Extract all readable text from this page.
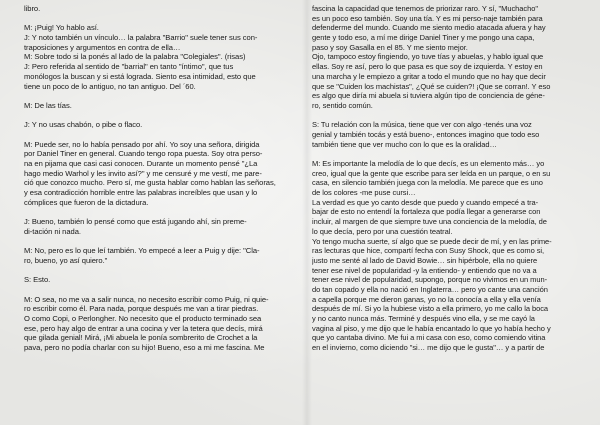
libro.
M: ¡Puig! Yo hablo así.
J: Y noto también un vínculo… la palabra "Barrio" suele tener sus con-
traposiciones y argumentos en contra de ella…
M: Sobre todo si la ponés al lado de la palabra "Colegiales". (risas)
J: Pero referida al sentido de "barrial" en tanto "íntimo", que tus
monólogos la buscan y si está lograda. Siento esa intimidad, esto que
tiene un poco de lo antiguo, no tan antiguo. Del ´60.
M: De las tías.
J: Y no usas chabón, o pibe o flaco.
M: Puede ser, no lo había pensado por ahí. Yo soy una señora, dirigida
por Daniel Tiner en general. Cuando tengo ropa puesta. Soy otra perso-
na en pijama que casi casi conocen. Durante un momento pensé "¿La
hago medio Warhol y les invito así?" y me censuré y me vestí, me pare-
ció que conozco mucho. Pero sí, me gusta hablar como hablan las señoras,
y esa contradicción horrible entre las palabras increíbles que usan y lo
cómplices que fueron de la dictadura.
J: Bueno, también lo pensé como que está jugando ahí, sin preme-
di-tación ni nada.
M: No, pero es lo que leí también. Yo empecé a leer a Puig y dije: "Cla-
ro, bueno, yo así quiero."
S: Esto.
M: O sea, no me va a salir nunca, no necesito escribir como Puig, ni quie-
ro escribir como él. Para nada, porque después me van a tirar piedras.
O como Copi, o Perlongher. No necesito que el producto terminado sea
ese, pero hay algo de entrar a una cocina y ver la tetera que decís, mirá
que gilada genial! Mirá, ¡Mi abuela le ponía sombrerito de Crochet a la
pava, pero no podía charlar con su hijo! Bueno, eso a mi me fascina. Me
fascina la capacidad que tenemos de priorizar raro. Y sí, "Muchacho"
es un poco eso también. Soy una tía. Y es mi perso-naje también para
defenderme del mundo. Cuando me siento medio atacada afuera y hay
gente y todo eso, a mí me dirige Daniel Tiner y me pongo una capa,
paso y soy Gasalla en el 85. Y me siento mejor.
Ojo, tampoco estoy fingiendo, yo tuve tías y abuelas, y hablo igual que
ellas. Soy re así, pero lo que pasa es que soy de izquierda. Y estoy en
una marcha y le empiezo a gritar a todo el mundo que no hay que decir
que se "Cuiden los machistas", ¿Qué se cuiden?! ¡Que se corran!. Y eso
es algo que diría mi abuela si tuviera algún tipo de conciencia de géne-
ro, sentido común.
S: Tu relación con la música, tiene que ver con algo -tenés una voz
genial y también tocás y está bueno-, entonces imagino que todo eso
también tiene que ver mucho con lo que es la oralidad…
M: Es importante la melodía de lo que decís, es un elemento más… yo
creo, igual que la gente que escribe para ser leída en un parque, o en su
casa, en silencio también juega con la melodía. Me parece que es uno
de los colores -me puse cursi…
La verdad es que yo canto desde que puedo y cuando empecé a tra-
bajar de esto no entendí la fortaleza que podía llegar a generarse con
incluir, al margen de que siempre tuve una conciencia de la melodía, de
lo que decía, pero por una cuestión teatral.
Yo tengo mucha suerte, sí algo que se puede decir de mí, y en las prime-
ras lecturas que hice, compartí fecha con Susy Shock, que es como si,
justo me senté al lado de David Bowie… sin hipérbole, ella no quiere
tener ese nivel de popularidad -y la entiendo- y entiendo que no va a
tener ese nivel de popularidad, supongo, porque no vivimos en un mun-
do tan copado y ella no nació en Inglaterra… pero yo cante una canción
a capella porque me dieron ganas, yo no la conocía a ella y ella venía
después de mí. Si yo la hubiese visto a ella primero, yo me callo la boca
y no canto nunca más. Terminé y después vino ella, y se me cayó la
vagina al piso, y me dijo que le había encantado lo que yo había hecho y
que yo cantaba divino. Me fui a mi casa con eso, como comiendo vitina
en el invierno, como diciendo "si… me dijo que le gusta"… y a partir de
